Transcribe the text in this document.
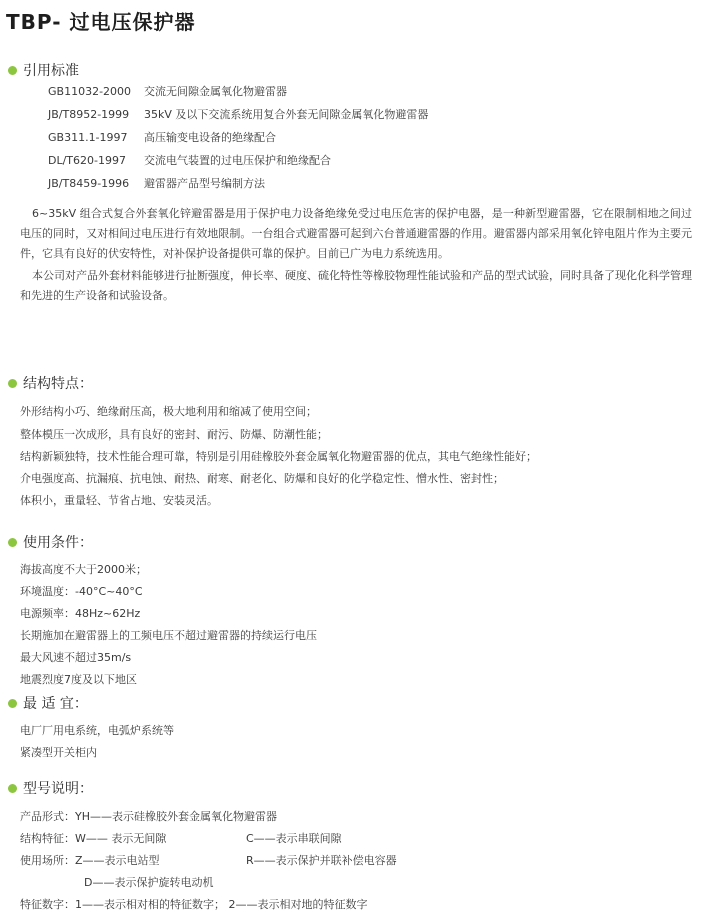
TBP- 过电压保护器
引用标准
GB11032-2000 交流无间隙金属氧化物避雷器
JB/T8952-1999 35kV 及以下交流系统用复合外套无间隙金属氧化物避雷器
GB311.1-1997 高压输变电设备的绝缘配合
DL/T620-1997 交流电气装置的过电压保护和绝缘配合
JB/T8459-1996 避雷器产品型号编制方法

6~35kV 组合式复合外套氧化锌避雷器是用于保护电力设备绝缘免受过电压危害的保护电器，是一种新型避雷器，它在限制相地之间过电压的同时，又对相间过电压进行有效地限制。一台组合式避雷器可起到六台普通避雷器的作用。避雷器内部采用氧化锌电阻片作为主要元件，它具有良好的伏安特性，对补保护设备提供可靠的保护。目前已广为电力系统选用。

本公司对产品外套材料能够进行扯断强度，伸长率、硬度、硫化特性等橡胶物理性能试验和产品的型式试验，同时具备了现化化科学管理和先进的生产设备和试验设备。

结构特点：
外形结构小巧、绝缘耐压高，极大地利用和缩减了使用空间；
整体模压一次成形，具有良好的密封、耐污、防爆、防潮性能；
结构新颖独特，技术性能合理可靠，特别是引用硅橡胶外套金属氧化物避雷器的优点，其电气绝缘性能好；
介电强度高、抗漏痕、抗电蚀、耐热、耐寒、耐老化、防爆和良好的化学稳定性、憎水性、密封性；
体积小，重量轻、节省占地、安装灵活。
使用条件：
海拔高度不大于2000米；
环境温度：-40°C~40°C
电源频率：48Hz~62Hz
长期施加在避雷器上的工频电压不超过避雷器的持续运行电压
最大风速不超过35m/s
地震烈度7度及以下地区
最 适 宜：
电厂厂用电系统，电弧炉系统等
紧凑型开关柜内
型号说明：
产品形式：YH——表示硅橡胶外套金属氧化物避雷器
结构特征：W—— 表示无间隙	C——表示串联间隙
使用场所：Z——表示电站型	R——表示保护并联补偿电容器
D——表示保护旋转电动机
特征数字：1——表示相对相的特征数字； 2——表示相对地的特征数字
